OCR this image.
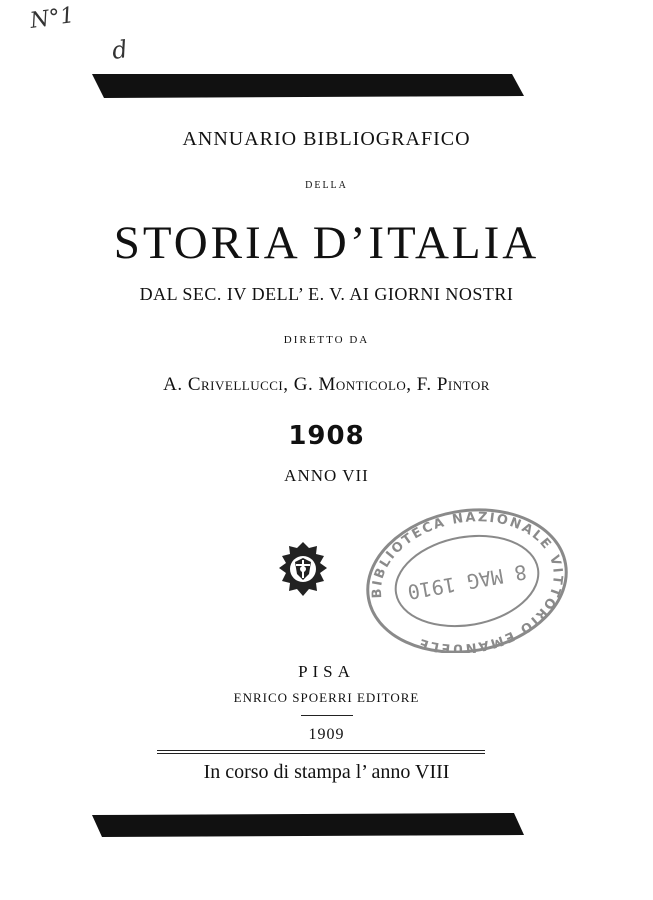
N°1
d
ANNUARIO BIBLIOGRAFICO
DELLA
STORIA D’ITALIA
DAL SEC. IV DELL’ E. V. AI GIORNI NOSTRI
DIRETTO DA
A. Crivellucci, G. Monticolo, F. Pintor
1908
ANNO VII
BIBLIOTECA NAZIONALE VITTORIO EMANUELE
8 MAG 1910
PISA
ENRICO SPOERRI EDITORE
1909
In corso di stampa l’ anno VIII
